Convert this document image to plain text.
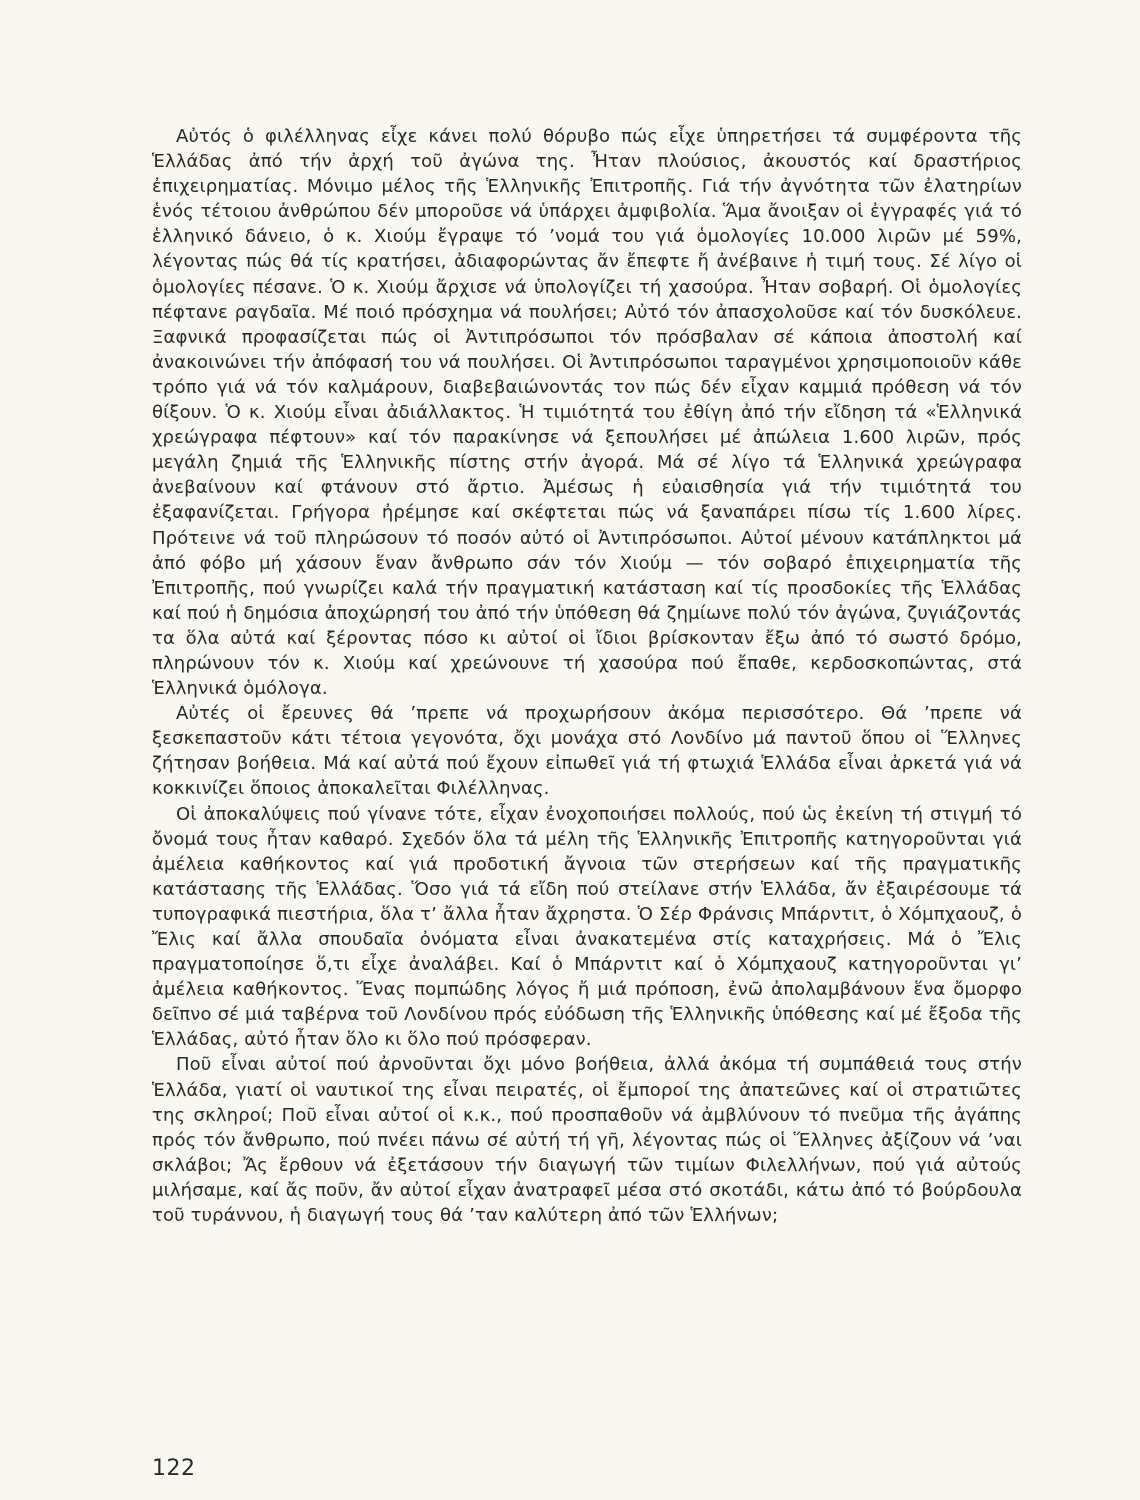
Αὐτός ὁ φιλέλληνας εἶχε κάνει πολύ θόρυβο πώς εἶχε ὑπηρετήσει τά συμφέροντα τῆς Ἑλλάδας ἀπό τήν ἀρχή τοῦ ἀγώνα της. Ἦταν πλούσιος, ἀκουστός καί δραστήριος ἐπιχειρηματίας. Μόνιμο μέλος τῆς Ἑλληνικῆς Ἐπιτροπῆς. Γιά τήν ἀγνότητα τῶν ἐλατηρίων ἑνός τέτοιου ἀνθρώπου δέν μποροῦσε νά ὑπάρχει ἀμφιβολία. Ἅμα ἄνοιξαν οἱ ἐγγραφές γιά τό ἑλληνικό δάνειο, ὁ κ. Χιούμ ἔγραψε τό ’νομά του γιά ὁμολογίες 10.000 λιρῶν μέ 59%, λέγοντας πώς θά τίς κρατήσει, ἀδιαφορώντας ἄν ἔπεφτε ἤ ἀνέβαινε ἡ τιμή τους. Σέ λίγο οἱ ὁμολογίες πέσανε. Ὁ κ. Χιούμ ἄρχισε νά ὑπολογίζει τή χασούρα. Ἦταν σοβαρή. Οἱ ὁμολογίες πέφτανε ραγδαῖα. Μέ ποιό πρόσχημα νά πουλήσει; Αὐτό τόν ἀπασχολοῦσε καί τόν δυσκόλευε. Ξαφνικά προφασίζεται πώς οἱ Ἀντιπρόσωποι τόν πρόσβαλαν σέ κάποια ἀποστολή καί ἀνακοινώνει τήν ἀπόφασή του νά πουλήσει. Οἱ Ἀντιπρόσωποι ταραγμένοι χρησιμοποιοῦν κάθε τρόπο γιά νά τόν καλμάρουν, διαβεβαιώνοντάς τον πώς δέν εἶχαν καμμιά πρόθεση νά τόν θίξουν. Ὁ κ. Χιούμ εἶναι ἀδιάλλακτος. Ἡ τιμιότητά του ἐθίγη ἀπό τήν εἴδηση τά «Ἑλληνικά χρεώγραφα πέφτουν» καί τόν παρακίνησε νά ξεπουλήσει μέ ἀπώλεια 1.600 λιρῶν, πρός μεγάλη ζημιά τῆς Ἑλληνικῆς πίστης στήν ἀγορά. Μά σέ λίγο τά Ἑλληνικά χρεώγραφα ἀνεβαίνουν καί φτάνουν στό ἄρτιο. Ἀμέσως ἡ εὐαισθησία γιά τήν τιμιότητά του ἐξαφανίζεται. Γρήγορα ἠρέμησε καί σκέφτεται πώς νά ξαναπάρει πίσω τίς 1.600 λίρες. Πρότεινε νά τοῦ πληρώσουν τό ποσόν αὐτό οἱ Ἀντιπρόσωποι. Αὐτοί μένουν κατάπληκτοι μά ἀπό φόβο μή χάσουν ἕναν ἄνθρωπο σάν τόν Χιούμ — τόν σοβαρό ἐπιχειρηματία τῆς Ἐπιτροπῆς, πού γνωρίζει καλά τήν πραγματική κατάσταση καί τίς προσδοκίες τῆς Ἑλλάδας καί πού ἡ δημόσια ἀποχώρησή του ἀπό τήν ὑπόθεση θά ζημίωνε πολύ τόν ἀγώνα, ζυγιάζοντάς τα ὅλα αὐτά καί ξέροντας πόσο κι αὐτοί οἱ ἴδιοι βρίσκονταν ἔξω ἀπό τό σωστό δρόμο, πληρώνουν τόν κ. Χιούμ καί χρεώνουνε τή χασούρα πού ἔπαθε, κερδοσκοπώντας, στά Ἑλληνικά ὁμόλογα.

Αὐτές οἱ ἔρευνες θά ’πρεπε νά προχωρήσουν ἀκόμα περισσότερο. Θά ’πρεπε νά ξεσκεπαστοῦν κάτι τέτοια γεγονότα, ὄχι μονάχα στό Λονδίνο μά παντοῦ ὅπου οἱ Ἕλληνες ζήτησαν βοήθεια. Μά καί αὐτά πού ἔχουν εἰπωθεῖ γιά τή φτωχιά Ἑλλάδα εἶναι ἀρκετά γιά νά κοκκινίζει ὅποιος ἀποκαλεῖται Φιλέλληνας.

Οἱ ἀποκαλύψεις πού γίνανε τότε, εἶχαν ἐνοχοποιήσει πολλούς, πού ὡς ἐκείνη τή στιγμή τό ὄνομά τους ἦταν καθαρό. Σχεδόν ὅλα τά μέλη τῆς Ἑλληνικῆς Ἐπιτροπῆς κατηγοροῦνται γιά ἀμέλεια καθήκοντος καί γιά προδοτική ἄγνοια τῶν στερήσεων καί τῆς πραγματικῆς κατάστασης τῆς Ἑλλάδας. Ὅσο γιά τά εἴδη πού στείλανε στήν Ἑλλάδα, ἄν ἐξαιρέσουμε τά τυπογραφικά πιεστήρια, ὅλα τ’ ἄλλα ἦταν ἄχρηστα. Ὁ Σέρ Φράνσις Μπάρντιτ, ὁ Χόμπχαουζ, ὁ Ἔλις καί ἄλλα σπουδαῖα ὀνόματα εἶναι ἀνακατεμένα στίς καταχρήσεις. Μά ὁ Ἔλις πραγματοποίησε ὅ,τι εἶχε ἀναλάβει. Καί ὁ Μπάρντιτ καί ὁ Χόμπχαουζ κατηγοροῦνται γι’ ἀμέλεια καθήκοντος. Ἕνας πομπώδης λόγος ἤ μιά πρόποση, ἐνῶ ἀπολαμβάνουν ἕνα ὄμορφο δεῖπνο σέ μιά ταβέρνα τοῦ Λονδίνου πρός εὐόδωση τῆς Ἑλληνικῆς ὑπόθεσης καί μέ ἔξοδα τῆς Ἑλλάδας, αὐτό ἦταν ὅλο κι ὅλο πού πρόσφεραν.

Ποῦ εἶναι αὐτοί πού ἀρνοῦνται ὄχι μόνο βοήθεια, ἀλλά ἀκόμα τή συμπάθειά τους στήν Ἑλλάδα, γιατί οἱ ναυτικοί της εἶναι πειρατές, οἱ ἔμποροί της ἀπατεῶνες καί οἱ στρατιῶτες της σκληροί; Ποῦ εἶναι αὐτοί οἱ κ.κ., πού προσπαθοῦν νά ἀμβλύνουν τό πνεῦμα τῆς ἀγάπης πρός τόν ἄνθρωπο, πού πνέει πάνω σέ αὐτή τή γῆ, λέγοντας πώς οἱ Ἕλληνες ἀξίζουν νά ’ναι σκλάβοι; Ἄς ἔρθουν νά ἐξετάσουν τήν διαγωγή τῶν τιμίων Φιλελλήνων, πού γιά αὐτούς μιλήσαμε, καί ἄς ποῦν, ἄν αὐτοί εἶχαν ἀνατραφεῖ μέσα στό σκοτάδι, κάτω ἀπό τό βούρδουλα τοῦ τυράννου, ἡ διαγωγή τους θά ’ταν καλύτερη ἀπό τῶν Ἑλλήνων;

122
